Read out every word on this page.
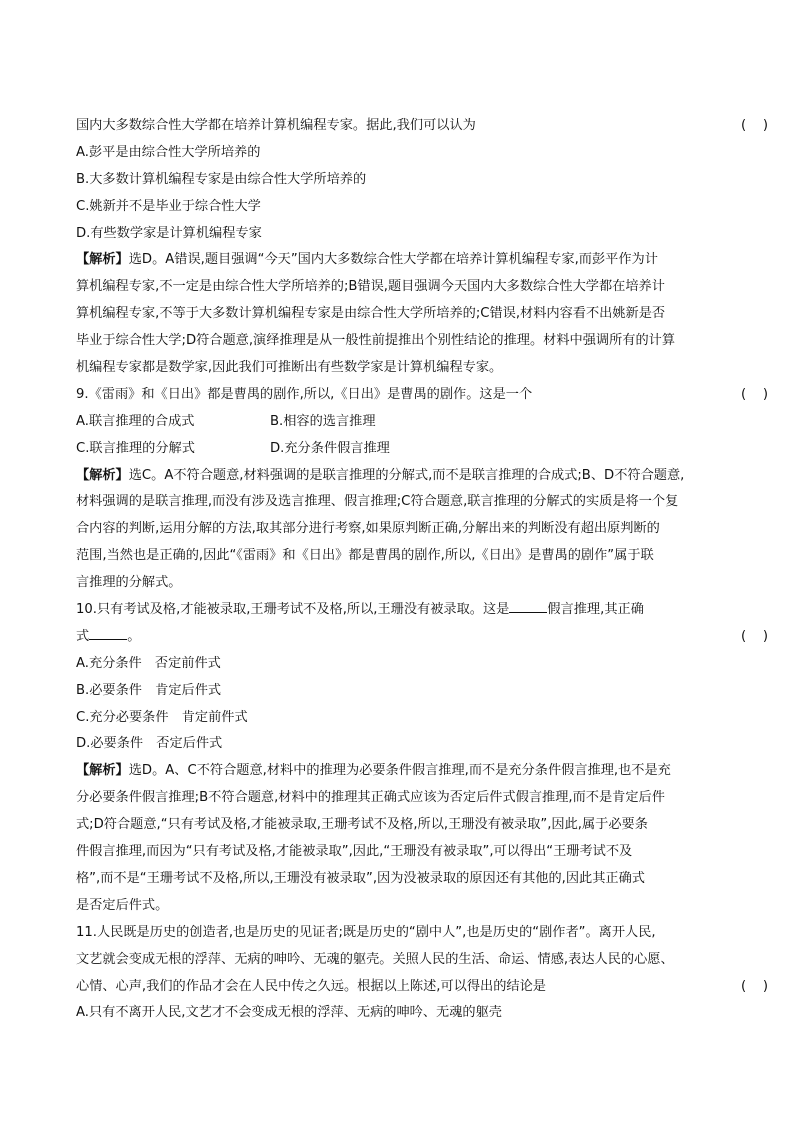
国内大多数综合性大学都在培养计算机编程专家。据此,我们可以认为	(    )
A.彭平是由综合性大学所培养的
B.大多数计算机编程专家是由综合性大学所培养的
C.姚新并不是毕业于综合性大学
D.有些数学家是计算机编程专家
【解析】选D。A错误,题目强调“今天”国内大多数综合性大学都在培养计算机编程专家,而彭平作为计
算机编程专家,不一定是由综合性大学所培养的;B错误,题目强调今天国内大多数综合性大学都在培养计
算机编程专家,不等于大多数计算机编程专家是由综合性大学所培养的;C错误,材料内容看不出姚新是否
毕业于综合性大学;D符合题意,演绎推理是从一般性前提推出个别性结论的推理。材料中强调所有的计算
机编程专家都是数学家,因此我们可推断出有些数学家是计算机编程专家。
9.《雷雨》和《日出》都是曹禺的剧作,所以,《日出》是曹禺的剧作。这是一个	(    )
A.联言推理的合成式	B.相容的选言推理
C.联言推理的分解式	D.充分条件假言推理
【解析】选C。A不符合题意,材料强调的是联言推理的分解式,而不是联言推理的合成式;B、D不符合题意,
材料强调的是联言推理,而没有涉及选言推理、假言推理;C符合题意,联言推理的分解式的实质是将一个复
合内容的判断,运用分解的方法,取其部分进行考察,如果原判断正确,分解出来的判断没有超出原判断的
范围,当然也是正确的,因此“《雷雨》和《日出》都是曹禺的剧作,所以,《日出》是曹禺的剧作”属于联
言推理的分解式。
10.只有考试及格,才能被录取,王珊考试不及格,所以,王珊没有被录取。这是	假言推理,其正确
式	。	(    )
A.充分条件　否定前件式
B.必要条件　肯定后件式
C.充分必要条件　肯定前件式
D.必要条件　否定后件式
【解析】选D。A、C不符合题意,材料中的推理为必要条件假言推理,而不是充分条件假言推理,也不是充
分必要条件假言推理;B不符合题意,材料中的推理其正确式应该为否定后件式假言推理,而不是肯定后件
式;D符合题意,“只有考试及格,才能被录取,王珊考试不及格,所以,王珊没有被录取”,因此,属于必要条
件假言推理,而因为“只有考试及格,才能被录取”,因此,“王珊没有被录取”,可以得出“王珊考试不及
格”,而不是“王珊考试不及格,所以,王珊没有被录取”,因为没被录取的原因还有其他的,因此其正确式
是否定后件式。
11.人民既是历史的创造者,也是历史的见证者;既是历史的“剧中人”,也是历史的“剧作者”。离开人民,
文艺就会变成无根的浮萍、无病的呻吟、无魂的躯壳。关照人民的生活、命运、情感,表达人民的心愿、
心情、心声,我们的作品才会在人民中传之久远。根据以上陈述,可以得出的结论是	(    )
A.只有不离开人民,文艺才不会变成无根的浮萍、无病的呻吟、无魂的躯壳
